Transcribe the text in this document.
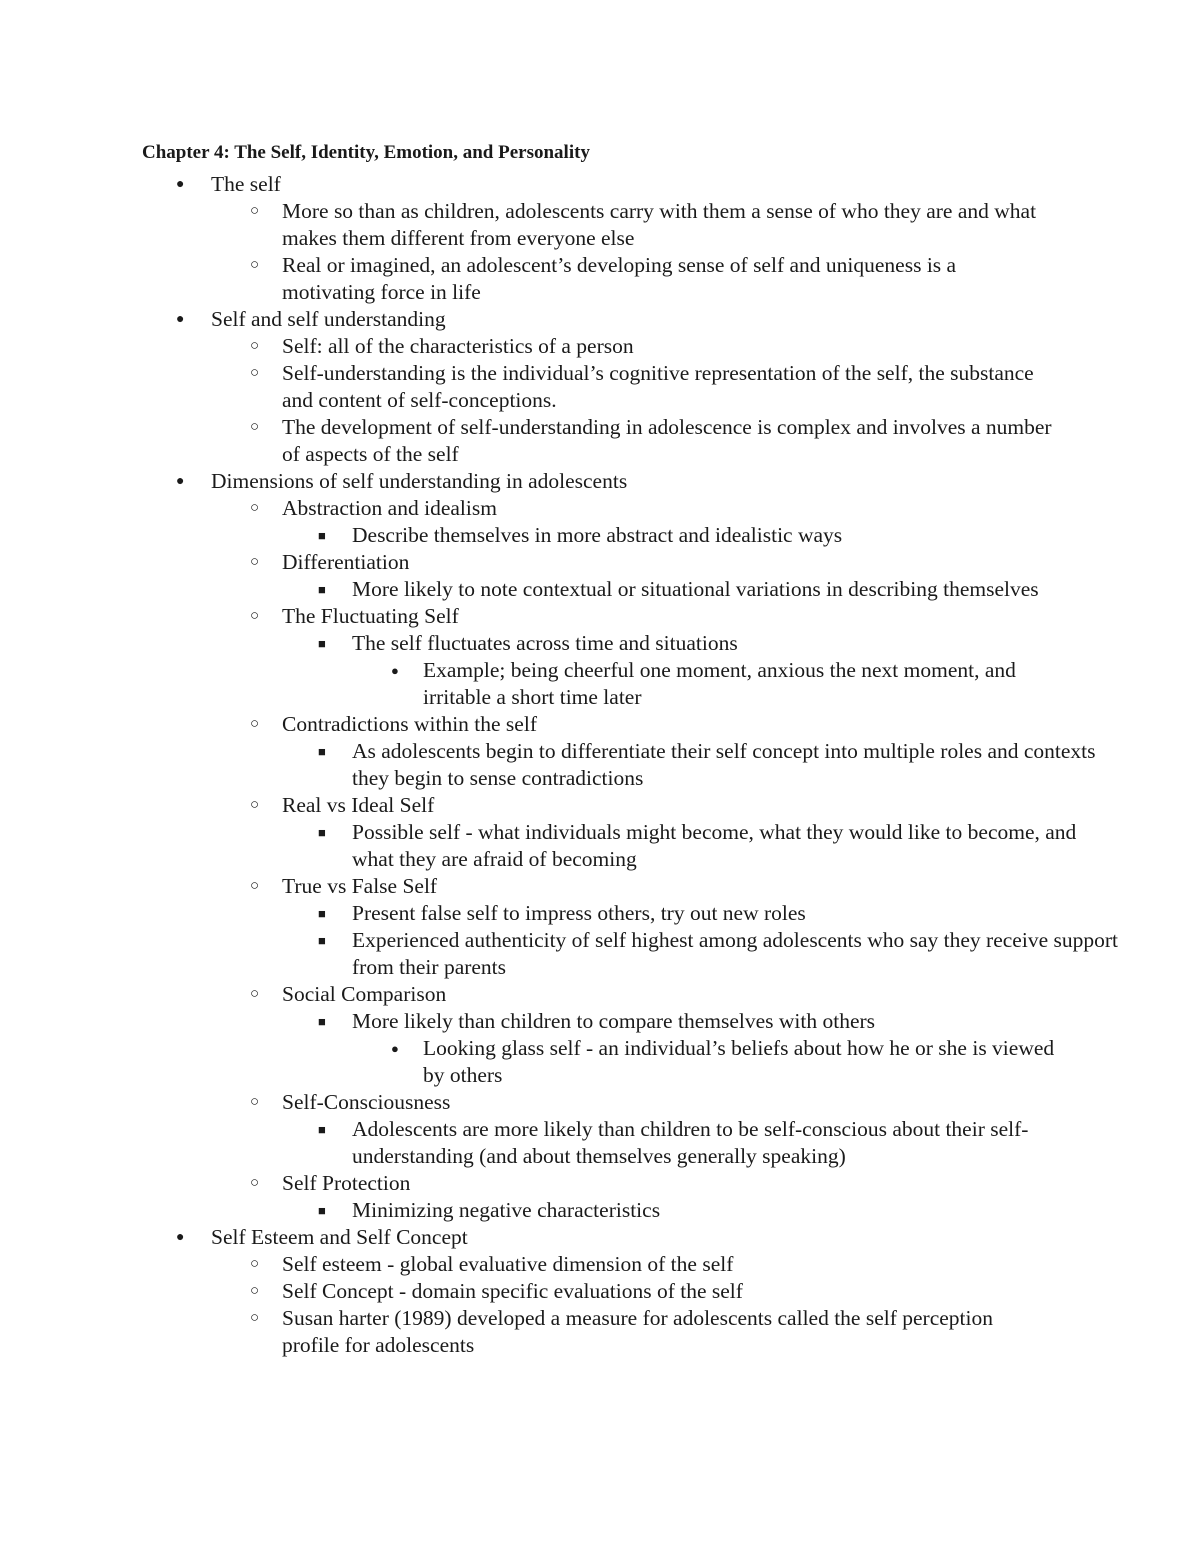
Chapter 4: The Self, Identity, Emotion, and Personality
● The self
○ More so than as children, adolescents carry with them a sense of who they are and what makes them different from everyone else
○ Real or imagined, an adolescent’s developing sense of self and uniqueness is a motivating force in life
● Self and self understanding
○ Self: all of the characteristics of a person
○ Self-understanding is the individual’s cognitive representation of the self, the substance and content of self-conceptions.
○ The development of self-understanding in adolescence is complex and involves a number of aspects of the self
● Dimensions of self understanding in adolescents
○ Abstraction and idealism
■ Describe themselves in more abstract and idealistic ways
○ Differentiation
■ More likely to note contextual or situational variations in describing themselves
○ The Fluctuating Self
■ The self fluctuates across time and situations
● Example; being cheerful one moment, anxious the next moment, and irritable a short time later
○ Contradictions within the self
■ As adolescents begin to differentiate their self concept into multiple roles and contexts they begin to sense contradictions
○ Real vs Ideal Self
■ Possible self - what individuals might become, what they would like to become, and what they are afraid of becoming
○ True vs False Self
■ Present false self to impress others, try out new roles
■ Experienced authenticity of self highest among adolescents who say they receive support from their parents
○ Social Comparison
■ More likely than children to compare themselves with others
● Looking glass self - an individual’s beliefs about how he or she is viewed by others
○ Self-Consciousness
■ Adolescents are more likely than children to be self-conscious about their self-understanding (and about themselves generally speaking)
○ Self Protection
■ Minimizing negative characteristics
● Self Esteem and Self Concept
○ Self esteem - global evaluative dimension of the self
○ Self Concept - domain specific evaluations of the self
○ Susan harter (1989) developed a measure for adolescents called the self perception profile for adolescents
